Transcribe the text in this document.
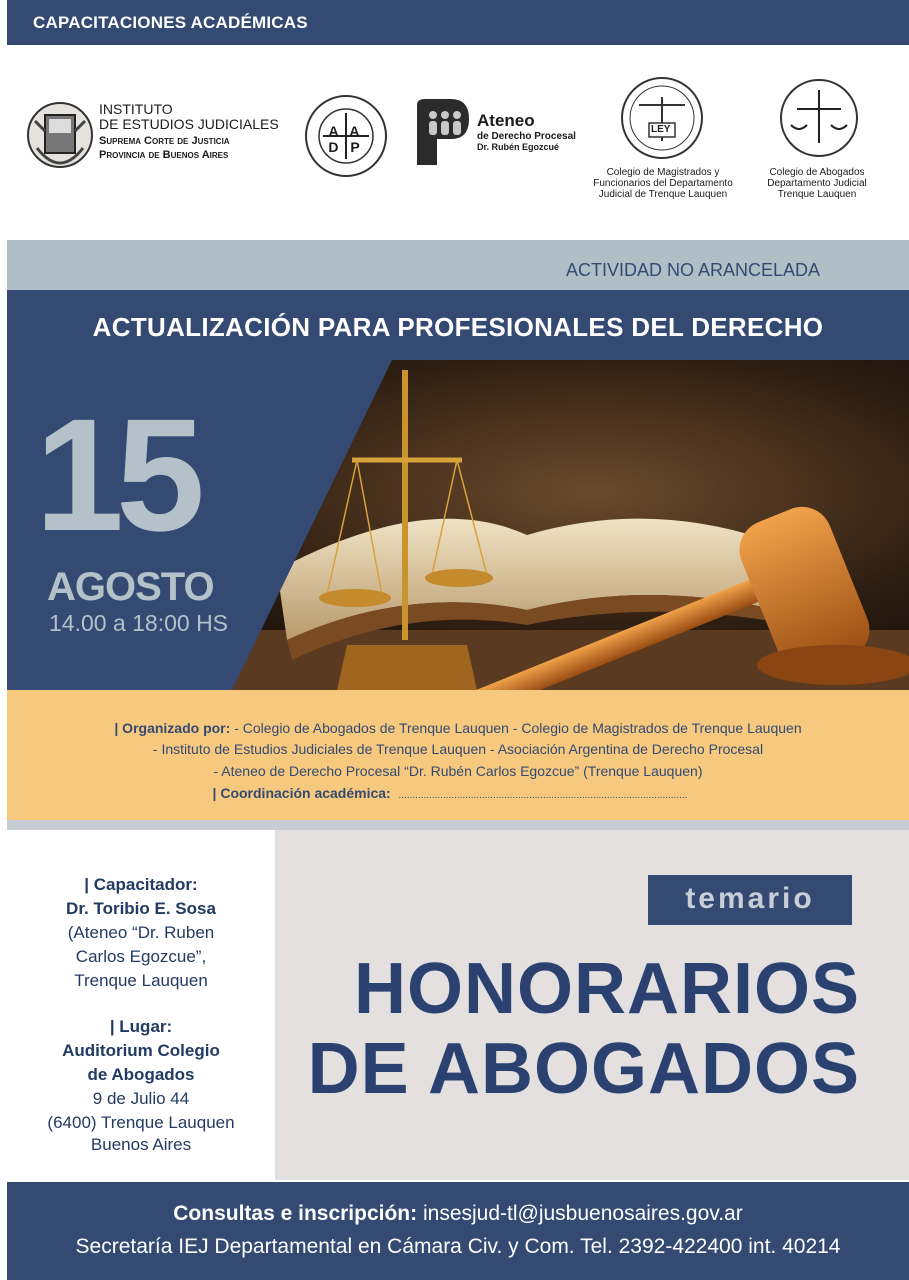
CAPACITACIONES ACADÉMICAS
INSTITUTO
DE ESTUDIOS JUDICIALES
Suprema Corte de Justicia
Provincia de Buenos Aires
A A D P
Ateneo
de Derecho Procesal
Dr. Rubén Egozcué
LEY
Colegio de Magistrados y
Funcionarios del Departamento
Judicial de Trenque Lauquen
Colegio de Abogados
Departamento Judicial
Trenque Lauquen
ACTIVIDAD NO ARANCELADA
ACTUALIZACIÓN PARA PROFESIONALES DEL DERECHO
15
AGOSTO
14.00 a 18:00 HS
| Organizado por: - Colegio de Abogados de Trenque Lauquen - Colegio de Magistrados de Trenque Lauquen
- Instituto de Estudios Judiciales de Trenque Lauquen - Asociación Argentina de Derecho Procesal
- Ateneo de Derecho Procesal “Dr. Rubén Carlos Egozcue” (Trenque Lauquen)
| Coordinación académica: ........................................................................................................
| Capacitador:
Dr. Toribio E. Sosa
(Ateneo “Dr. Ruben
Carlos Egozcue”,
Trenque Lauquen
| Lugar:
Auditorium Colegio
de Abogados
9 de Julio 44
(6400) Trenque Lauquen
Buenos Aires
temario
HONORARIOS
DE ABOGADOS
Consultas e inscripción: insesjud-tl@jusbuenosaires.gov.ar
Secretaría IEJ Departamental en Cámara Civ. y Com. Tel. 2392-422400 int. 40214
